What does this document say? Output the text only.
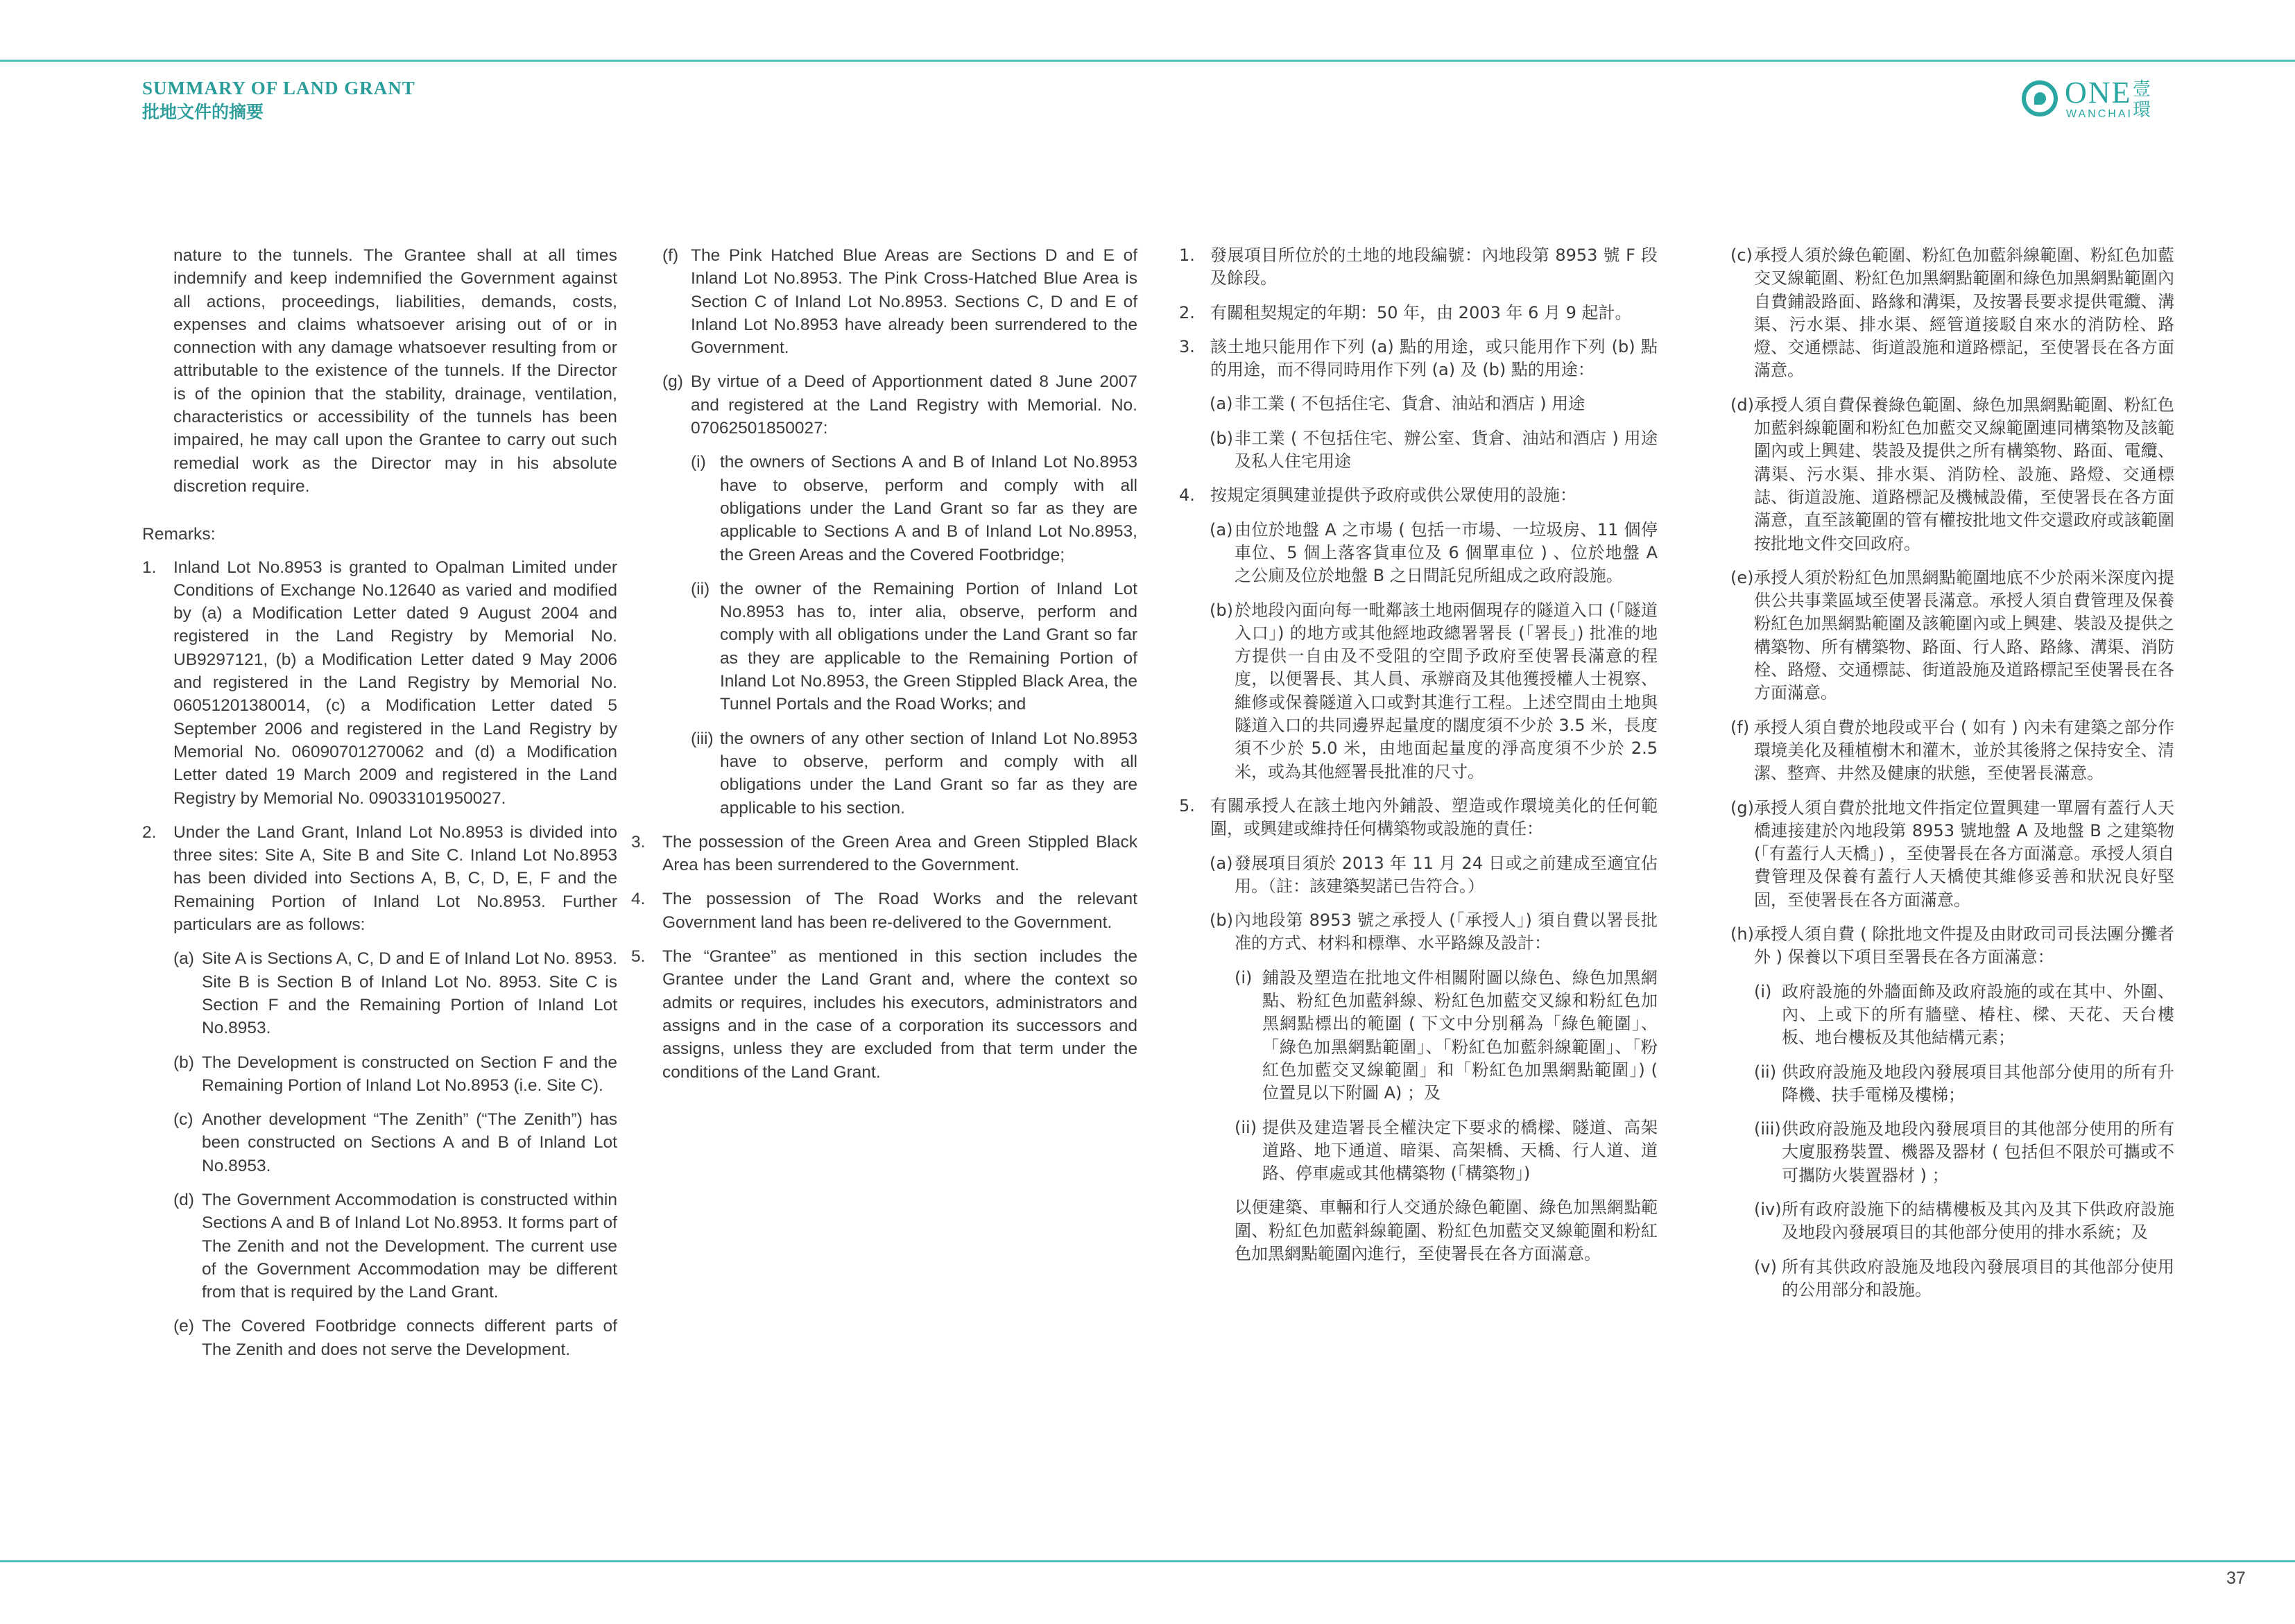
SUMMARY OF LAND GRANT
批地文件的摘要
ONE
WANCHAI
壹環

nature to the tunnels. The Grantee shall at all times indemnify and keep indemnified the Government against all actions, proceedings, liabilities, demands, costs, expenses and claims whatsoever arising out of or in connection with any damage whatsoever resulting from or attributable to the existence of the tunnels. If the Director is of the opinion that the stability, drainage, ventilation, characteristics or accessibility of the tunnels has been impaired, he may call upon the Grantee to carry out such remedial work as the Director may in his absolute discretion require.

Remarks:

1.	Inland Lot No.8953 is granted to Opalman Limited under Conditions of Exchange No.12640 as varied and modified by (a) a Modification Letter dated 9 August 2004 and registered in the Land Registry by Memorial No. UB9297121, (b) a Modification Letter dated 9 May 2006 and registered in the Land Registry by Memorial No. 06051201380014, (c) a Modification Letter dated 5 September 2006 and registered in the Land Registry by Memorial No. 06090701270062 and (d) a Modification Letter dated 19 March 2009 and registered in the Land Registry by Memorial No. 09033101950027.
2.	Under the Land Grant, Inland Lot No.8953 is divided into three sites: Site A, Site B and Site C. Inland Lot No.8953 has been divided into Sections A, B, C, D, E, F and the Remaining Portion of Inland Lot No.8953. Further particulars are as follows:
(a) Site A is Sections A, C, D and E of Inland Lot No. 8953. Site B is Section B of Inland Lot No. 8953. Site C is Section F and the Remaining Portion of Inland Lot No.8953.
(b) The Development is constructed on Section F and the Remaining Portion of Inland Lot No.8953 (i.e. Site C).
(c) Another development “The Zenith” (“The Zenith”) has been constructed on Sections A and B of Inland Lot No.8953.
(d) The Government Accommodation is constructed within Sections A and B of Inland Lot No.8953. It forms part of The Zenith and not the Development. The current use of the Government Accommodation may be different from that is required by the Land Grant.
(e) The Covered Footbridge connects different parts of The Zenith and does not serve the Development.
(f) The Pink Hatched Blue Areas are Sections D and E of Inland Lot No.8953. The Pink Cross-Hatched Blue Area is Section C of Inland Lot No.8953. Sections C, D and E of Inland Lot No.8953 have already been surrendered to the Government.
(g) By virtue of a Deed of Apportionment dated 8 June 2007 and registered at the Land Registry with Memorial. No. 07062501850027:
(i) the owners of Sections A and B of Inland Lot No.8953 have to observe, perform and comply with all obligations under the Land Grant so far as they are applicable to Sections A and B of Inland Lot No.8953, the Green Areas and the Covered Footbridge;
(ii) the owner of the Remaining Portion of Inland Lot No.8953 has to, inter alia, observe, perform and comply with all obligations under the Land Grant so far as they are applicable to the Remaining Portion of Inland Lot No.8953, the Green Stippled Black Area, the Tunnel Portals and the Road Works; and
(iii) the owners of any other section of Inland Lot No.8953 have to observe, perform and comply with all obligations under the Land Grant so far as they are applicable to his section.
3.	The possession of the Green Area and Green Stippled Black Area has been surrendered to the Government.
4.	The possession of The Road Works and the relevant Government land has been re-delivered to the Government.
5.	The “Grantee” as mentioned in this section includes the Grantee under the Land Grant and, where the context so admits or requires, includes his executors, administrators and assigns and in the case of a corporation its successors and assigns, unless they are excluded from that term under the conditions of the Land Grant.
1. 發展項目所位於的土地的地段編號：內地段第 8953 號 F 段及餘段。
2. 有關租契規定的年期：50 年，由 2003 年 6 月 9 起計。
3. 該土地只能用作下列 (a) 點的用途，或只能用作下列 (b) 點的用途，而不得同時用作下列 (a) 及 (b) 點的用途：
(a) 非工業 ( 不包括住宅、貨倉、油站和酒店 ) 用途
(b) 非工業 ( 不包括住宅、辦公室、貨倉、油站和酒店 ) 用途及私人住宅用途
4. 按規定須興建並提供予政府或供公眾使用的設施：
(a) 由位於地盤 A 之市場 ( 包括一市場、一垃圾房、11 個停車位、5 個上落客貨車位及 6 個單車位 ) 、位於地盤 A 之公廁及位於地盤 B 之日間託兒所組成之政府設施。
(b) 於地段內面向每一毗鄰該土地兩個現存的隧道入口 (「隧道入口」) 的地方或其他經地政總署署長 (「署長」) 批准的地方提供一自由及不受阻的空間予政府至使署長滿意的程度，以便署長、其人員、承辦商及其他獲授權人士視察、維修或保養隧道入口或對其進行工程。上述空間由土地與隧道入口的共同邊界起量度的闊度須不少於 3.5 米，長度須不少於 5.0 米，由地面起量度的淨高度須不少於 2.5 米，或為其他經署長批准的尺寸。
5. 有關承授人在該土地內外鋪設、塑造或作環境美化的任何範圍，或興建或維持任何構築物或設施的責任：
(a) 發展項目須於 2013 年 11 月 24 日或之前建成至適宜佔用。（註：該建築契諾已告符合。）
(b) 內地段第 8953 號之承授人 (「承授人」) 須自費以署長批准的方式、材料和標準、水平路線及設計：
(i) 鋪設及塑造在批地文件相關附圖以綠色、綠色加黑網點、粉紅色加藍斜線、粉紅色加藍交叉線和粉紅色加黑網點標出的範圍 ( 下文中分別稱為「綠色範圍」、「綠色加黑網點範圍」、「粉紅色加藍斜線範圍」、「粉紅色加藍交叉線範圍」和「粉紅色加黑網點範圍」) ( 位置見以下附圖 A) ；及
(ii) 提供及建造署長全權決定下要求的橋樑、隧道、高架道路、地下通道、暗渠、高架橋、天橋、行人道、道路、停車處或其他構築物 (「構築物」)

以便建築、車輛和行人交通於綠色範圍、綠色加黑網點範圍、粉紅色加藍斜線範圍、粉紅色加藍交叉線範圍和粉紅色加黑網點範圍內進行，至使署長在各方面滿意。

(c) 承授人須於綠色範圍、粉紅色加藍斜線範圍、粉紅色加藍交叉線範圍、粉紅色加黑網點範圍和綠色加黑網點範圍內自費鋪設路面、路緣和溝渠，及按署長要求提供電纜、溝渠、污水渠、排水渠、經管道接駁自來水的消防栓、路燈、交通標誌、街道設施和道路標記，至使署長在各方面滿意。
(d) 承授人須自費保養綠色範圍、綠色加黑網點範圍、粉紅色加藍斜線範圍和粉紅色加藍交叉線範圍連同構築物及該範圍內或上興建、裝設及提供之所有構築物、路面、電纜、溝渠、污水渠、排水渠、消防栓、設施、路燈、交通標誌、街道設施、道路標記及機械設備，至使署長在各方面滿意，直至該範圍的管有權按批地文件交還政府或該範圍按批地文件交回政府。
(e) 承授人須於粉紅色加黑網點範圍地底不少於兩米深度內提供公共事業區域至使署長滿意。承授人須自費管理及保養粉紅色加黑網點範圍及該範圍內或上興建、裝設及提供之構築物、所有構築物、路面、行人路、路緣、溝渠、消防栓、路燈、交通標誌、街道設施及道路標記至使署長在各方面滿意。
(f) 承授人須自費於地段或平台 ( 如有 ) 內未有建築之部分作環境美化及種植樹木和灌木，並於其後將之保持安全、清潔、整齊、井然及健康的狀態，至使署長滿意。
(g) 承授人須自費於批地文件指定位置興建一單層有蓋行人天橋連接建於內地段第 8953 號地盤 A 及地盤 B 之建築物 (「有蓋行人天橋」) ，至使署長在各方面滿意。承授人須自費管理及保養有蓋行人天橋使其維修妥善和狀況良好堅固，至使署長在各方面滿意。
(h) 承授人須自費 ( 除批地文件提及由財政司司長法團分攤者外 ) 保養以下項目至署長在各方面滿意：
(i) 政府設施的外牆面飾及政府設施的或在其中、外圍、內、上或下的所有牆壁、椿柱、樑、天花、天台樓板、地台樓板及其他結構元素；
(ii) 供政府設施及地段內發展項目其他部分使用的所有升降機、扶手電梯及樓梯；
(iii) 供政府設施及地段內發展項目的其他部分使用的所有大廈服務裝置、機器及器材 ( 包括但不限於可攜或不可攜防火裝置器材 ) ；
(iv) 所有政府設施下的結構樓板及其內及其下供政府設施及地段內發展項目的其他部分使用的排水系統；及
(v) 所有其供政府設施及地段內發展項目的其他部分使用的公用部分和設施。
37
